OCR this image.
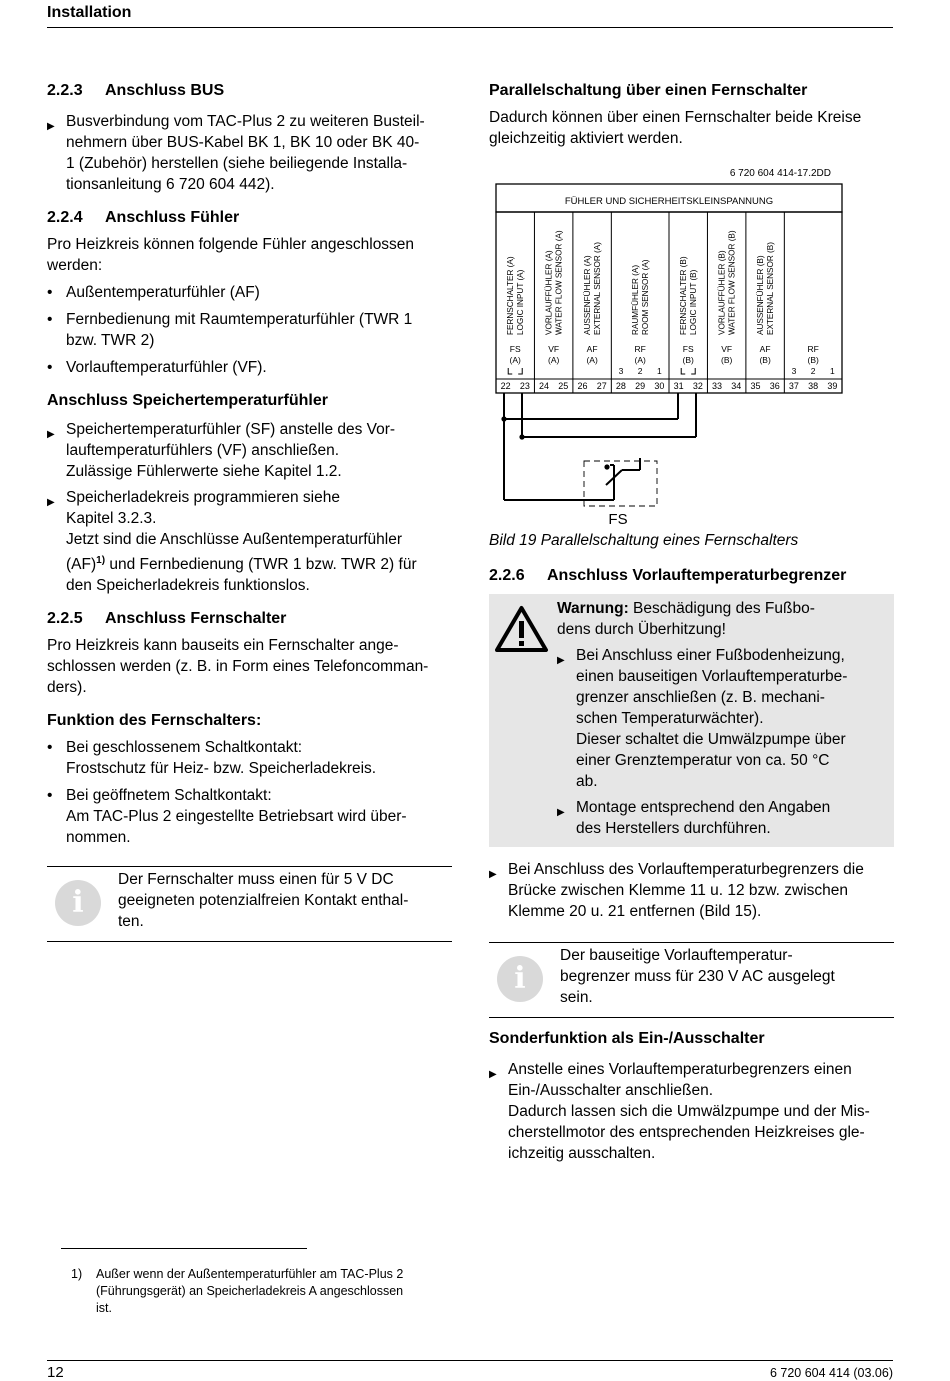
Installation
2.2.3 Anschluss BUS
▶ Busverbindung vom TAC-Plus 2 zu weiteren Busteil-
nehmern über BUS-Kabel BK 1, BK 10 oder BK 40-
1 (Zubehör) herstellen (siehe beiliegende Installa-
tionsanleitung 6 720 604 442).
2.2.4 Anschluss Fühler
Pro Heizkreis können folgende Fühler angeschlossen
werden:
• Außentemperaturfühler (AF)
• Fernbedienung mit Raumtemperaturfühler (TWR 1
bzw. TWR 2)
• Vorlauftemperaturfühler (VF).
Anschluss Speichertemperaturfühler
▶ Speichertemperaturfühler (SF) anstelle des Vor-
lauftemperaturfühlers (VF) anschließen.
Zulässige Fühlerwerte siehe Kapitel 1.2.
▶ Speicherladekreis programmieren siehe
Kapitel 3.2.3.
Jetzt sind die Anschlüsse Außentemperaturfühler
(AF)$^{1)}$ und Fernbedienung (TWR 1 bzw. TWR 2) für
den Speicherladekreis funktionslos.
2.2.5 Anschluss Fernschalter
Pro Heizkreis kann bauseits ein Fernschalter ange-
schlossen werden (z. B. in Form eines Telefoncomman-
ders).
Funktion des Fernschalters:
• Bei geschlossenem Schaltkontakt:
Frostschutz für Heiz- bzw. Speicherladekreis.
• Bei geöffnetem Schaltkontakt:
Am TAC-Plus 2 eingestellte Betriebsart wird über-
nommen.
i
Der Fernschalter muss einen für 5 V DC
geeigneten potenzialfreien Kontakt enthal-
ten.
Parallelschaltung über einen Fernschalter
Dadurch können über einen Fernschalter beide Kreise
gleichzeitig aktiviert werden.
6 720 604 414-17.2DD
FÜHLER UND SICHERHEITSKLEINSPANNUNG
FERNSCHALTER (A) LOGIC INPUT (A)
FS
(A)
22 23
VORLAUFFÜHLER (A) WATER FLOW SENSOR (A)
VF
(A)
24 25
AUSSENFÜHLER (A) EXTERNAL SENSOR (A)
AF
(A)
26 27
RAUMFÜHLER (A) ROOM SENSOR (A)
RF
(A)
3 2 1
28 29 30
FERNSCHALTER (B) LOGIC INPUT (B)
FS
(B)
31 32
VORLAUFFÜHLER (B) WATER FLOW SENSOR (B)
VF
(B)
33 34
AUSSENFÜHLER (B) EXTERNAL SENSOR (B)
AF
(B)
35 36
RF
(B)
3 2 1
37 38 39
FS
Bild 19 Parallelschaltung eines Fernschalters
2.2.6 Anschluss Vorlauftemperaturbegrenzer
Warnung: Beschädigung des Fußbo-
dens durch Überhitzung!
▶ Bei Anschluss einer Fußbodenheizung,
einen bauseitigen Vorlauftemperaturbe-
grenzer anschließen (z. B. mechani-
schen Temperaturwächter).
Dieser schaltet die Umwälzpumpe über
einer Grenztemperatur von ca. 50 °C
ab.
▶ Montage entsprechend den Angaben
des Herstellers durchführen.
▶ Bei Anschluss des Vorlauftemperaturbegrenzers die
Brücke zwischen Klemme 11 u. 12 bzw. zwischen
Klemme 20 u. 21 entfernen (Bild 15).
i
Der bauseitige Vorlauftemperatur-
begrenzer muss für 230 V AC ausgelegt
sein.
Sonderfunktion als Ein-/Ausschalter
▶ Anstelle eines Vorlauftemperaturbegrenzers einen
Ein-/Ausschalter anschließen.
Dadurch lassen sich die Umwälzpumpe und der Mis-
cherstellmotor des entsprechenden Heizkreises gle-
ichzeitig ausschalten.
1) Außer wenn der Außentemperaturfühler am TAC-Plus 2
(Führungsgerät) an Speicherladekreis A angeschlossen
ist.
12	6 720 604 414 (03.06)
